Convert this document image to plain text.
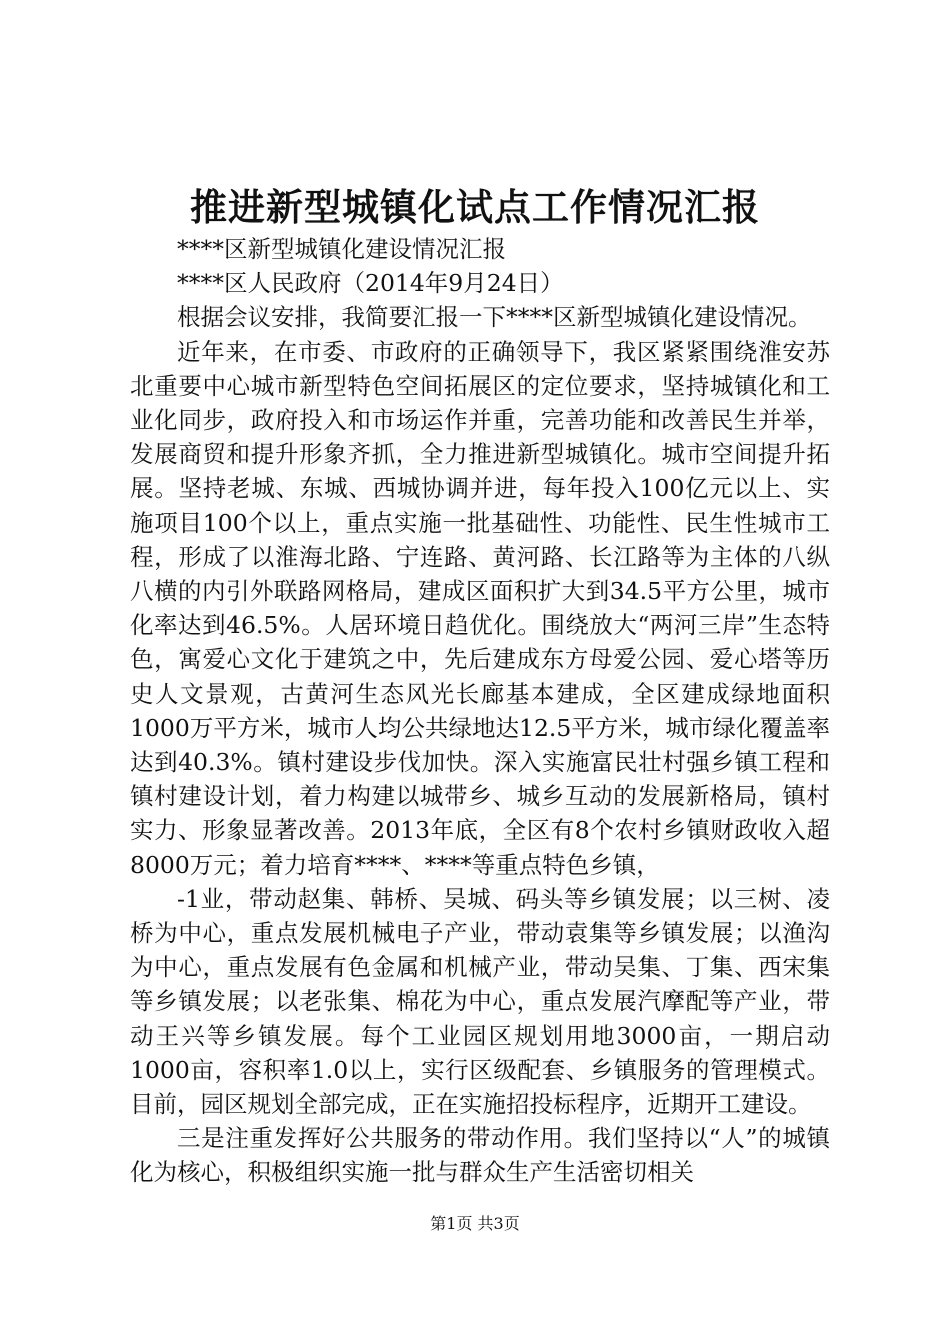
推进新型城镇化试点工作情况汇报

****区新型城镇化建设情况汇报

****区人民政府（2014年9月24日）

根据会议安排，我简要汇报一下****区新型城镇化建设情况。

近年来，在市委、市政府的正确领导下，我区紧紧围绕淮安苏北重要中心城市新型特色空间拓展区的定位要求，坚持城镇化和工业化同步，政府投入和市场运作并重，完善功能和改善民生并举，发展商贸和提升形象齐抓，全力推进新型城镇化。城市空间提升拓展。坚持老城、东城、西城协调并进，每年投入100亿元以上、实施项目100个以上，重点实施一批基础性、功能性、民生性城市工程，形成了以淮海北路、宁连路、黄河路、长江路等为主体的八纵八横的内引外联路网格局，建成区面积扩大到34.5平方公里，城市化率达到46.5%。人居环境日趋优化。围绕放大“两河三岸”生态特色，寓爱心文化于建筑之中，先后建成东方母爱公园、爱心塔等历史人文景观，古黄河生态风光长廊基本建成，全区建成绿地面积1000万平方米，城市人均公共绿地达12.5平方米，城市绿化覆盖率达到40.3%。镇村建设步伐加快。深入实施富民壮村强乡镇工程和镇村建设计划，着力构建以城带乡、城乡互动的发展新格局，镇村实力、形象显著改善。2013年底，全区有8个农村乡镇财政收入超8000万元；着力培育****、****等重点特色乡镇，

-1业，带动赵集、韩桥、吴城、码头等乡镇发展；以三树、凌桥为中心，重点发展机械电子产业，带动袁集等乡镇发展；以渔沟为中心，重点发展有色金属和机械产业，带动吴集、丁集、西宋集等乡镇发展；以老张集、棉花为中心，重点发展汽摩配等产业，带动王兴等乡镇发展。每个工业园区规划用地3000亩，一期启动1000亩，容积率1.0以上，实行区级配套、乡镇服务的管理模式。目前，园区规划全部完成，正在实施招投标程序，近期开工建设。

三是注重发挥好公共服务的带动作用。我们坚持以“人”的城镇化为核心，积极组织实施一批与群众生产生活密切相关

第1页 共3页
